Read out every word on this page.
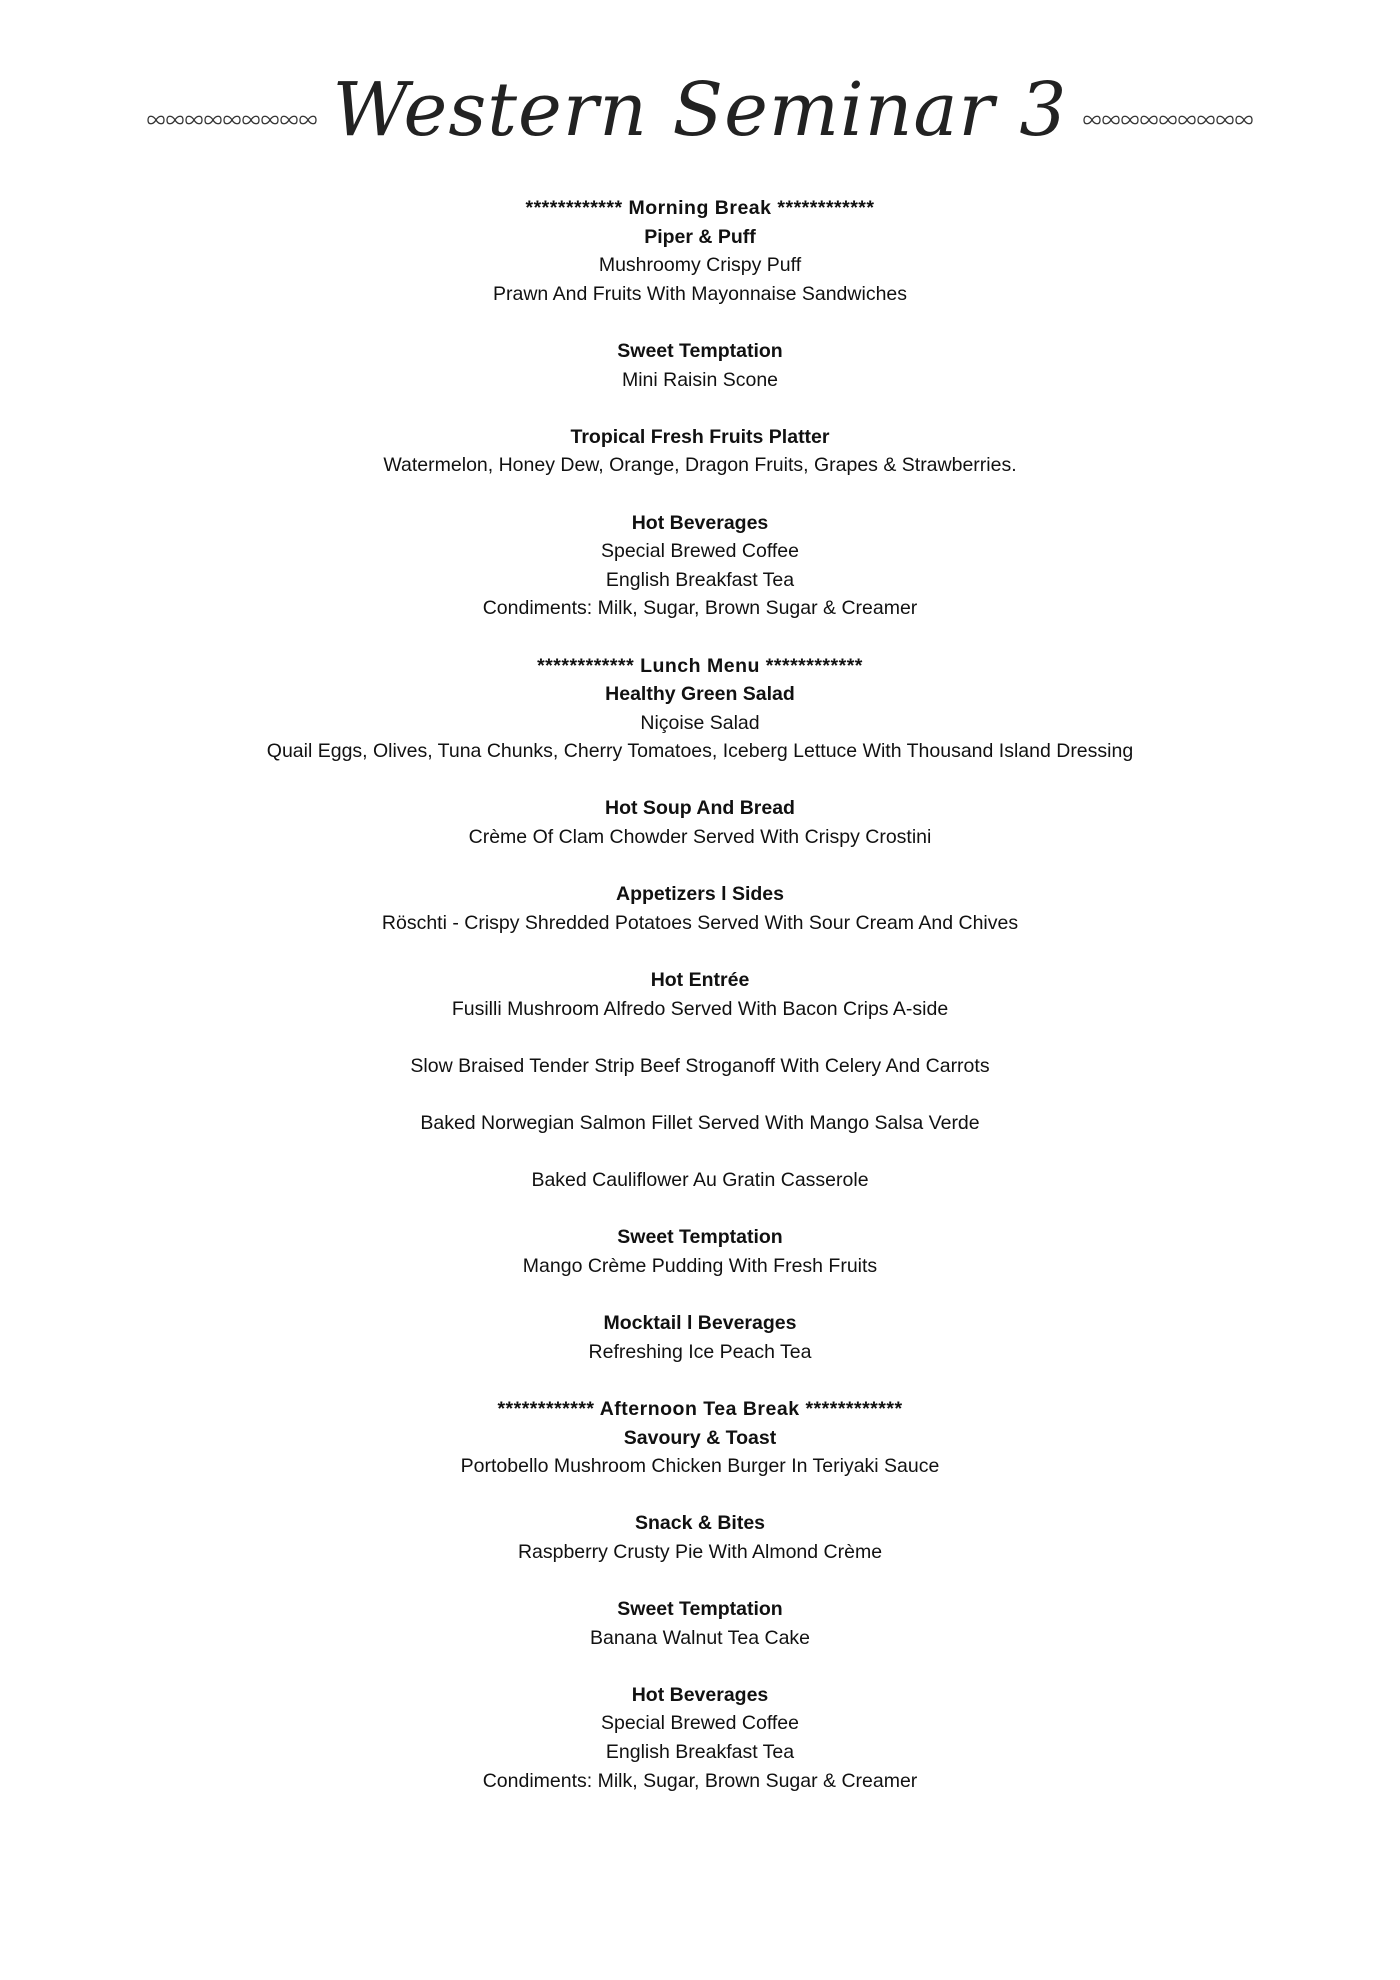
Western Seminar 3
************ Morning Break ************
Piper & Puff
Mushroomy Crispy Puff
Prawn And Fruits With Mayonnaise Sandwiches
Sweet Temptation
Mini Raisin Scone
Tropical Fresh Fruits Platter
Watermelon, Honey Dew, Orange, Dragon Fruits, Grapes & Strawberries.
Hot Beverages
Special Brewed Coffee
English Breakfast Tea
Condiments: Milk, Sugar, Brown Sugar & Creamer
************ Lunch Menu ************
Healthy Green Salad
Niçoise Salad
Quail Eggs, Olives, Tuna Chunks, Cherry Tomatoes, Iceberg Lettuce With Thousand Island Dressing
Hot Soup And Bread
Crème Of Clam Chowder Served With Crispy Crostini
Appetizers l Sides
Röschti - Crispy Shredded Potatoes Served With Sour Cream And Chives
Hot Entrée
Fusilli Mushroom Alfredo Served With Bacon Crips A-side
Slow Braised Tender Strip Beef Stroganoff With Celery And Carrots
Baked Norwegian Salmon Fillet Served With Mango Salsa Verde
Baked Cauliflower Au Gratin Casserole
Sweet Temptation
Mango Crème Pudding With Fresh Fruits
Mocktail l Beverages
Refreshing Ice Peach Tea
************ Afternoon Tea Break ************
Savoury & Toast
Portobello Mushroom Chicken Burger In Teriyaki Sauce
Snack & Bites
Raspberry Crusty Pie With Almond Crème
Sweet Temptation
Banana Walnut Tea Cake
Hot Beverages
Special Brewed Coffee
English Breakfast Tea
Condiments: Milk, Sugar, Brown Sugar & Creamer
